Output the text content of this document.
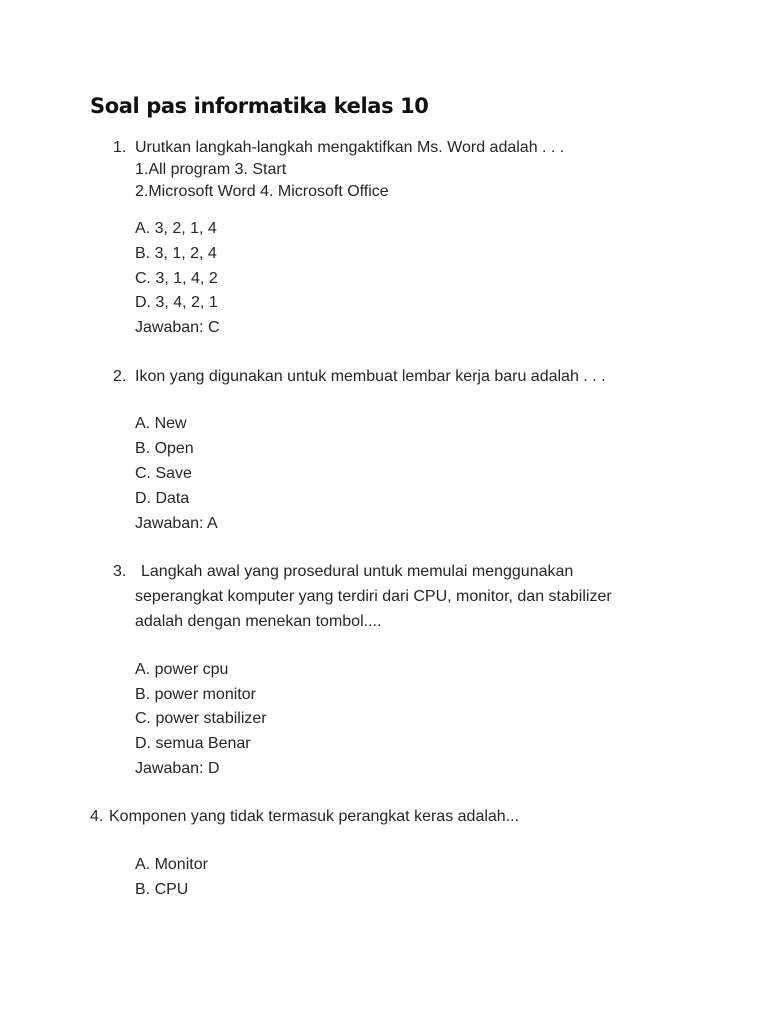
Soal pas informatika kelas 10
1. Urutkan langkah-langkah mengaktifkan Ms. Word adalah . . .
1.All program 3. Start
2.Microsoft Word 4. Microsoft Office
A. 3, 2, 1, 4
B. 3, 1, 2, 4
C. 3, 1, 4, 2
D. 3, 4, 2, 1
Jawaban: C
2. Ikon yang digunakan untuk membuat lembar kerja baru adalah . . .
A. New
B. Open
C. Save
D. Data
Jawaban: A
3. Langkah awal yang prosedural untuk memulai menggunakan
seperangkat komputer yang terdiri dari CPU, monitor, dan stabilizer
adalah dengan menekan tombol....
A. power cpu
B. power monitor
C. power stabilizer
D. semua Benar
Jawaban: D
4. Komponen yang tidak termasuk perangkat keras adalah...
A. Monitor
B. CPU
